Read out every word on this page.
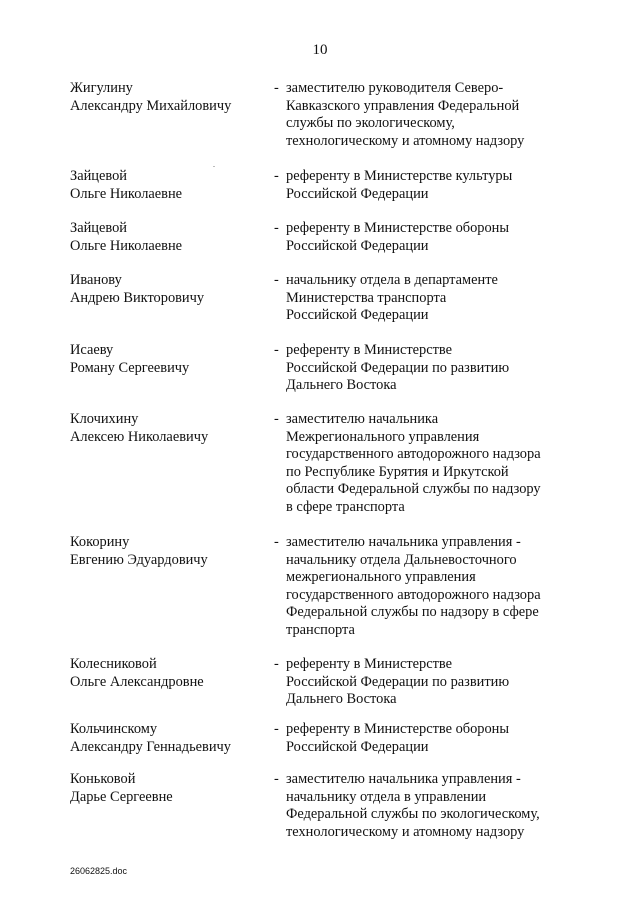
10
Жигулину
Александру Михайловичу
- заместителю руководителя Северо-
Кавказского управления Федеральной
службы по экологическому,
технологическому и атомному надзору
Зайцевой
Ольге Николаевне
- референту в Министерстве культуры
Российской Федерации
Зайцевой
Ольге Николаевне
- референту в Министерстве обороны
Российской Федерации
Иванову
Андрею Викторовичу
- начальнику отдела в департаменте
Министерства транспорта
Российской Федерации
Исаеву
Роману Сергеевичу
- референту в Министерстве
Российской Федерации по развитию
Дальнего Востока
Клочихину
Алексею Николаевичу
- заместителю начальника
Межрегионального управления
государственного автодорожного надзора
по Республике Бурятия и Иркутской
области Федеральной службы по надзору
в сфере транспорта
Кокорину
Евгению Эдуардовичу
- заместителю начальника управления -
начальнику отдела Дальневосточного
межрегионального управления
государственного автодорожного надзора
Федеральной службы по надзору в сфере
транспорта
Колесниковой
Ольге Александровне
- референту в Министерстве
Российской Федерации по развитию
Дальнего Востока
Кольчинскому
Александру Геннадьевичу
- референту в Министерстве обороны
Российской Федерации
Коньковой
Дарье Сергеевне
- заместителю начальника управления -
начальнику отдела в управлении
Федеральной службы по экологическому,
технологическому и атомному надзору
26062825.doc
